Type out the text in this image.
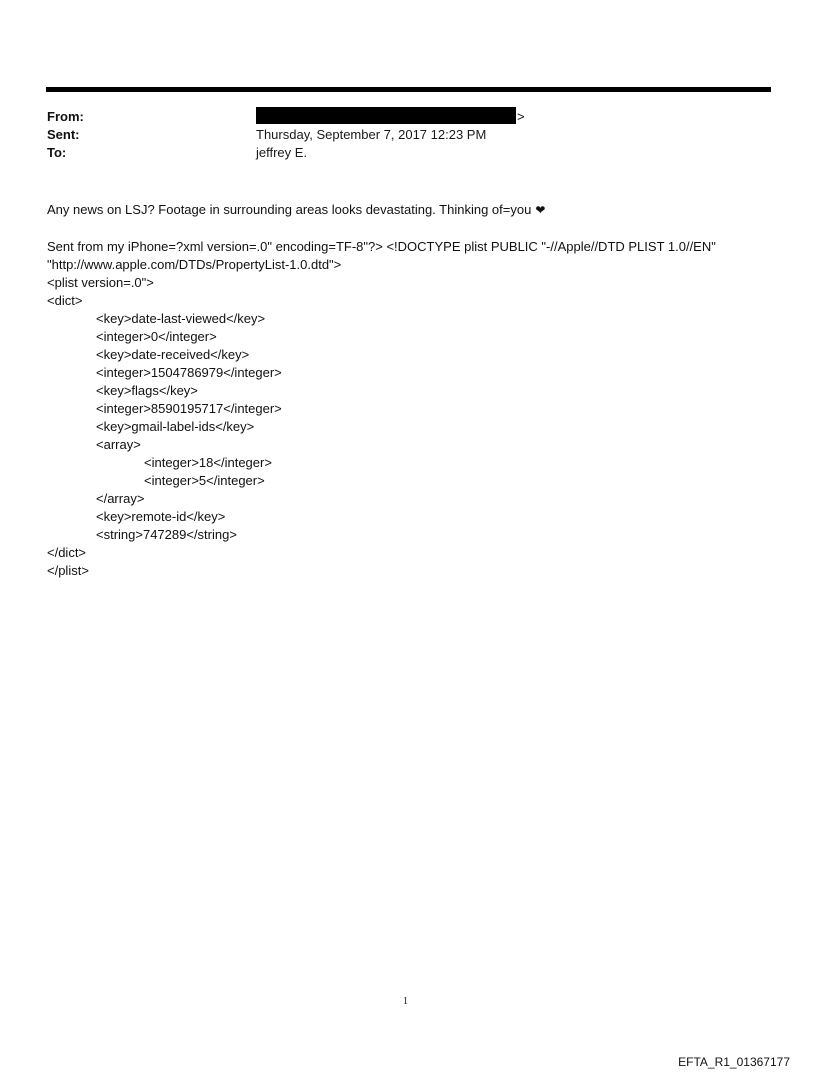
From:	>
Sent:	Thursday, September 7, 2017 12:23 PM
To:	jeffrey E.
Any news on LSJ? Footage in surrounding areas looks devastating. Thinking of=you ❤
Sent from my iPhone=?xml version=.0" encoding=TF-8"?> <!DOCTYPE plist PUBLIC "-//Apple//DTD PLIST 1.0//EN"
"http://www.apple.com/DTDs/PropertyList-1.0.dtd">
<plist version=.0">
<dict>
<key>date-last-viewed</key>
<integer>0</integer>
<key>date-received</key>
<integer>1504786979</integer>
<key>flags</key>
<integer>8590195717</integer>
<key>gmail-label-ids</key>
<array>
<integer>18</integer>
<integer>5</integer>
</array>
<key>remote-id</key>
<string>747289</string>
</dict>
</plist>
1
EFTA_R1_01367177
